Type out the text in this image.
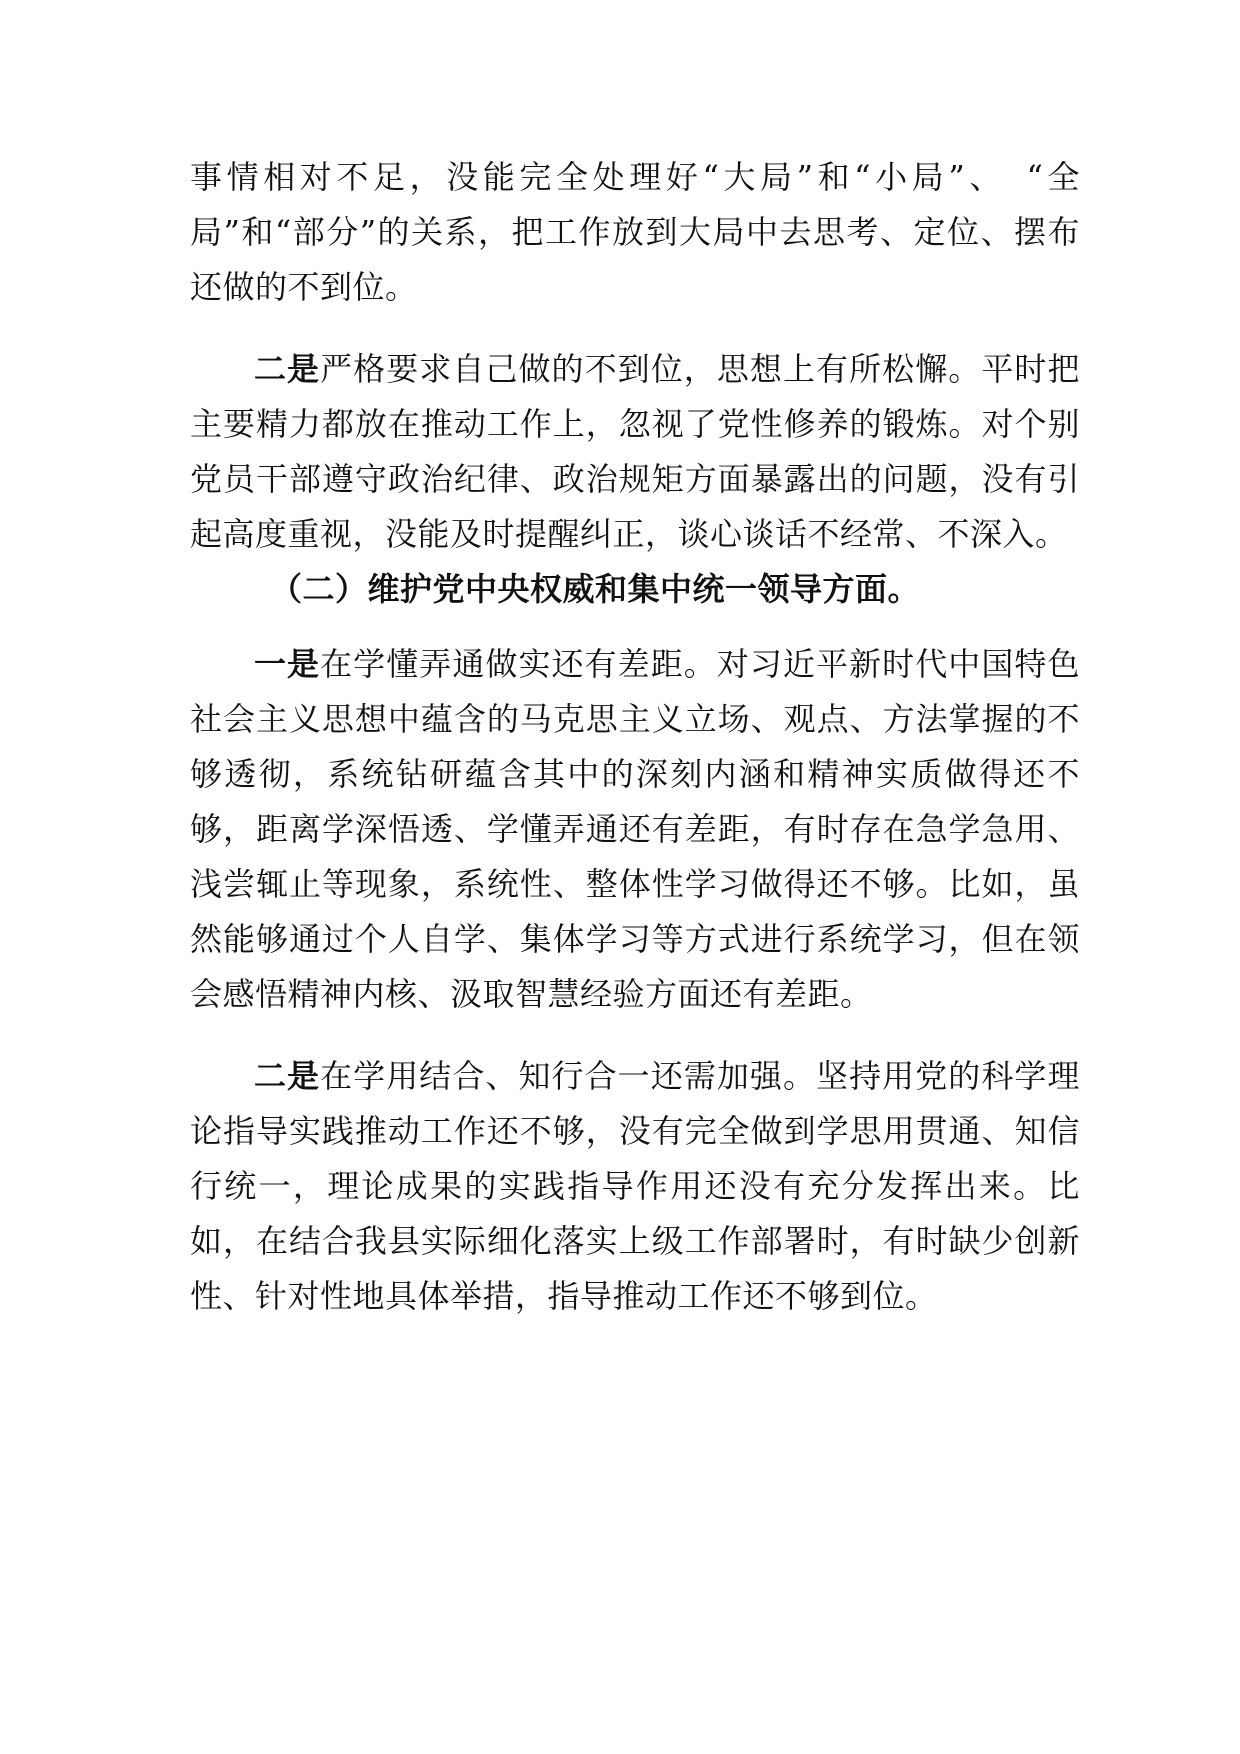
事情相对不足，没能完全处理好“大局”和“小局”、　“全局”和“部分”的关系，把工作放到大局中去思考、定位、摆布还做的不到位。

二是严格要求自己做的不到位，思想上有所松懈。平时把主要精力都放在推动工作上，忽视了党性修养的锻炼。对个别党员干部遵守政治纪律、政治规矩方面暴露出的问题，没有引起高度重视，没能及时提醒纠正，谈心谈话不经常、不深入。

（二）维护党中央权威和集中统一领导方面。

一是在学懂弄通做实还有差距。对习近平新时代中国特色社会主义思想中蕴含的马克思主义立场、观点、方法掌握的不够透彻，系统钻研蕴含其中的深刻内涵和精神实质做得还不够，距离学深悟透、学懂弄通还有差距，有时存在急学急用、浅尝辄止等现象，系统性、整体性学习做得还不够。比如，虽然能够通过个人自学、集体学习等方式进行系统学习，但在领会感悟精神内核、汲取智慧经验方面还有差距。

二是在学用结合、知行合一还需加强。坚持用党的科学理论指导实践推动工作还不够，没有完全做到学思用贯通、知信行统一，理论成果的实践指导作用还没有充分发挥出来。比如，在结合我县实际细化落实上级工作部署时，有时缺少创新性、针对性地具体举措，指导推动工作还不够到位。
